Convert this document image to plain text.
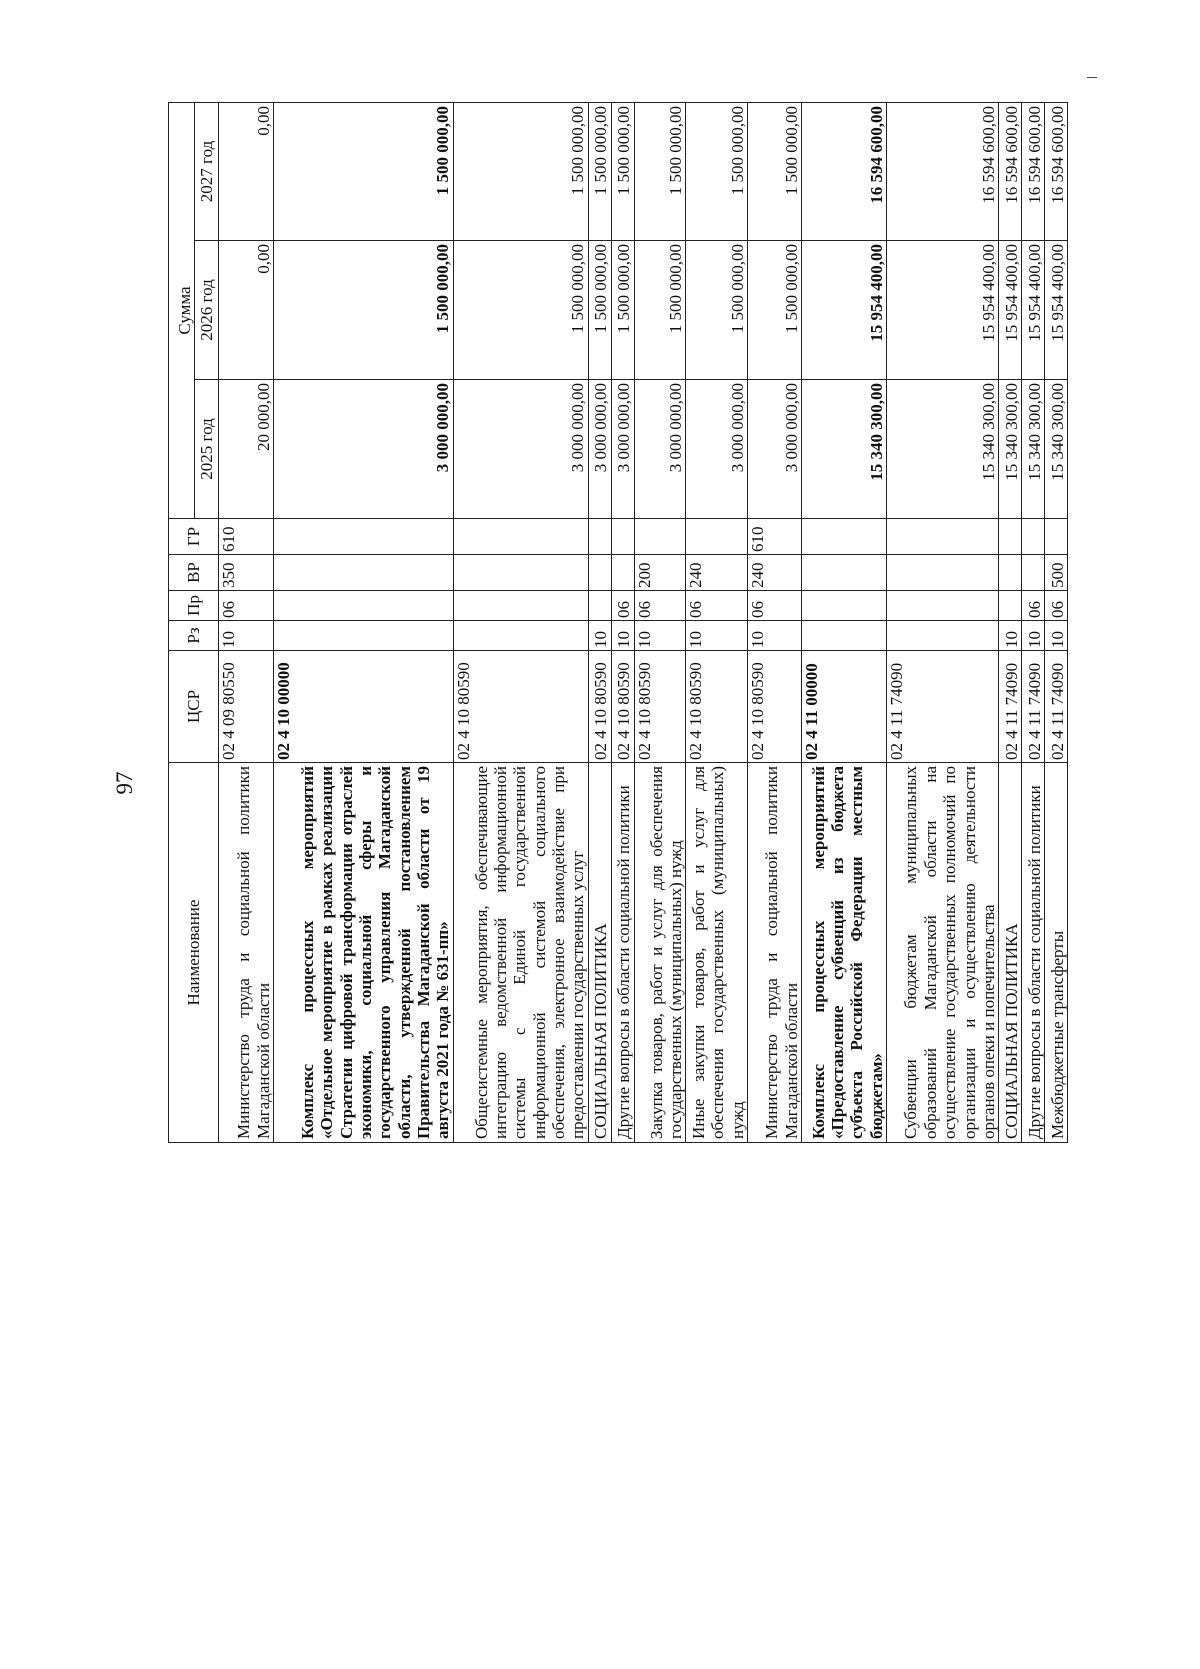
97
Наименование	ЦСР	Рз	Пр	ВР	ГР	Сумма		
						2025 год	2026 год	2027 год
Министерство труда и социальной политики Магаданской области	02 4 09 80550	10	06	350	610	20 000,00	0,00	0,00
Комплекс процессных мероприятий «Отдельное мероприятие в рамках реализации Стратегии цифровой трансформации отраслей экономики, социальной сферы и государственного управления Магаданской области, утвержденной постановлением Правительства Магаданской области от 19 августа 2021 года № 631-пп»	02 4 10 00000					3 000 000,00	1 500 000,00	1 500 000,00
Общесистемные мероприятия, обеспечивающие интеграцию ведомственной информационной системы с Единой государственной информационной системой социального обеспечения, электронное взаимодействие при предоставлении государственных услуг	02 4 10 80590					3 000 000,00	1 500 000,00	1 500 000,00
СОЦИАЛЬНАЯ ПОЛИТИКА	02 4 10 80590	10				3 000 000,00	1 500 000,00	1 500 000,00
Другие вопросы в области социальной политики	02 4 10 80590	10	06			3 000 000,00	1 500 000,00	1 500 000,00
Закупка товаров, работ и услуг для обеспечения государственных (муниципальных) нужд	02 4 10 80590	10	06	200		3 000 000,00	1 500 000,00	1 500 000,00
Иные закупки товаров, работ и услуг для обеспечения государственных (муниципальных) нужд	02 4 10 80590	10	06	240		3 000 000,00	1 500 000,00	1 500 000,00
Министерство труда и социальной политики Магаданской области	02 4 10 80590	10	06	240	610	3 000 000,00	1 500 000,00	1 500 000,00
Комплекс процессных мероприятий «Предоставление субвенций из бюджета субъекта Российской Федерации местным бюджетам»	02 4 11 00000					15 340 300,00	15 954 400,00	16 594 600,00
Субвенции бюджетам муниципальных образований Магаданской области на осуществление государственных полномочий по организации и осуществлению деятельности органов опеки и попечительства	02 4 11 74090					15 340 300,00	15 954 400,00	16 594 600,00
СОЦИАЛЬНАЯ ПОЛИТИКА	02 4 11 74090	10				15 340 300,00	15 954 400,00	16 594 600,00
Другие вопросы в области социальной политики	02 4 11 74090	10	06			15 340 300,00	15 954 400,00	16 594 600,00
Межбюджетные трансферты	02 4 11 74090	10	06	500		15 340 300,00	15 954 400,00	16 594 600,00
